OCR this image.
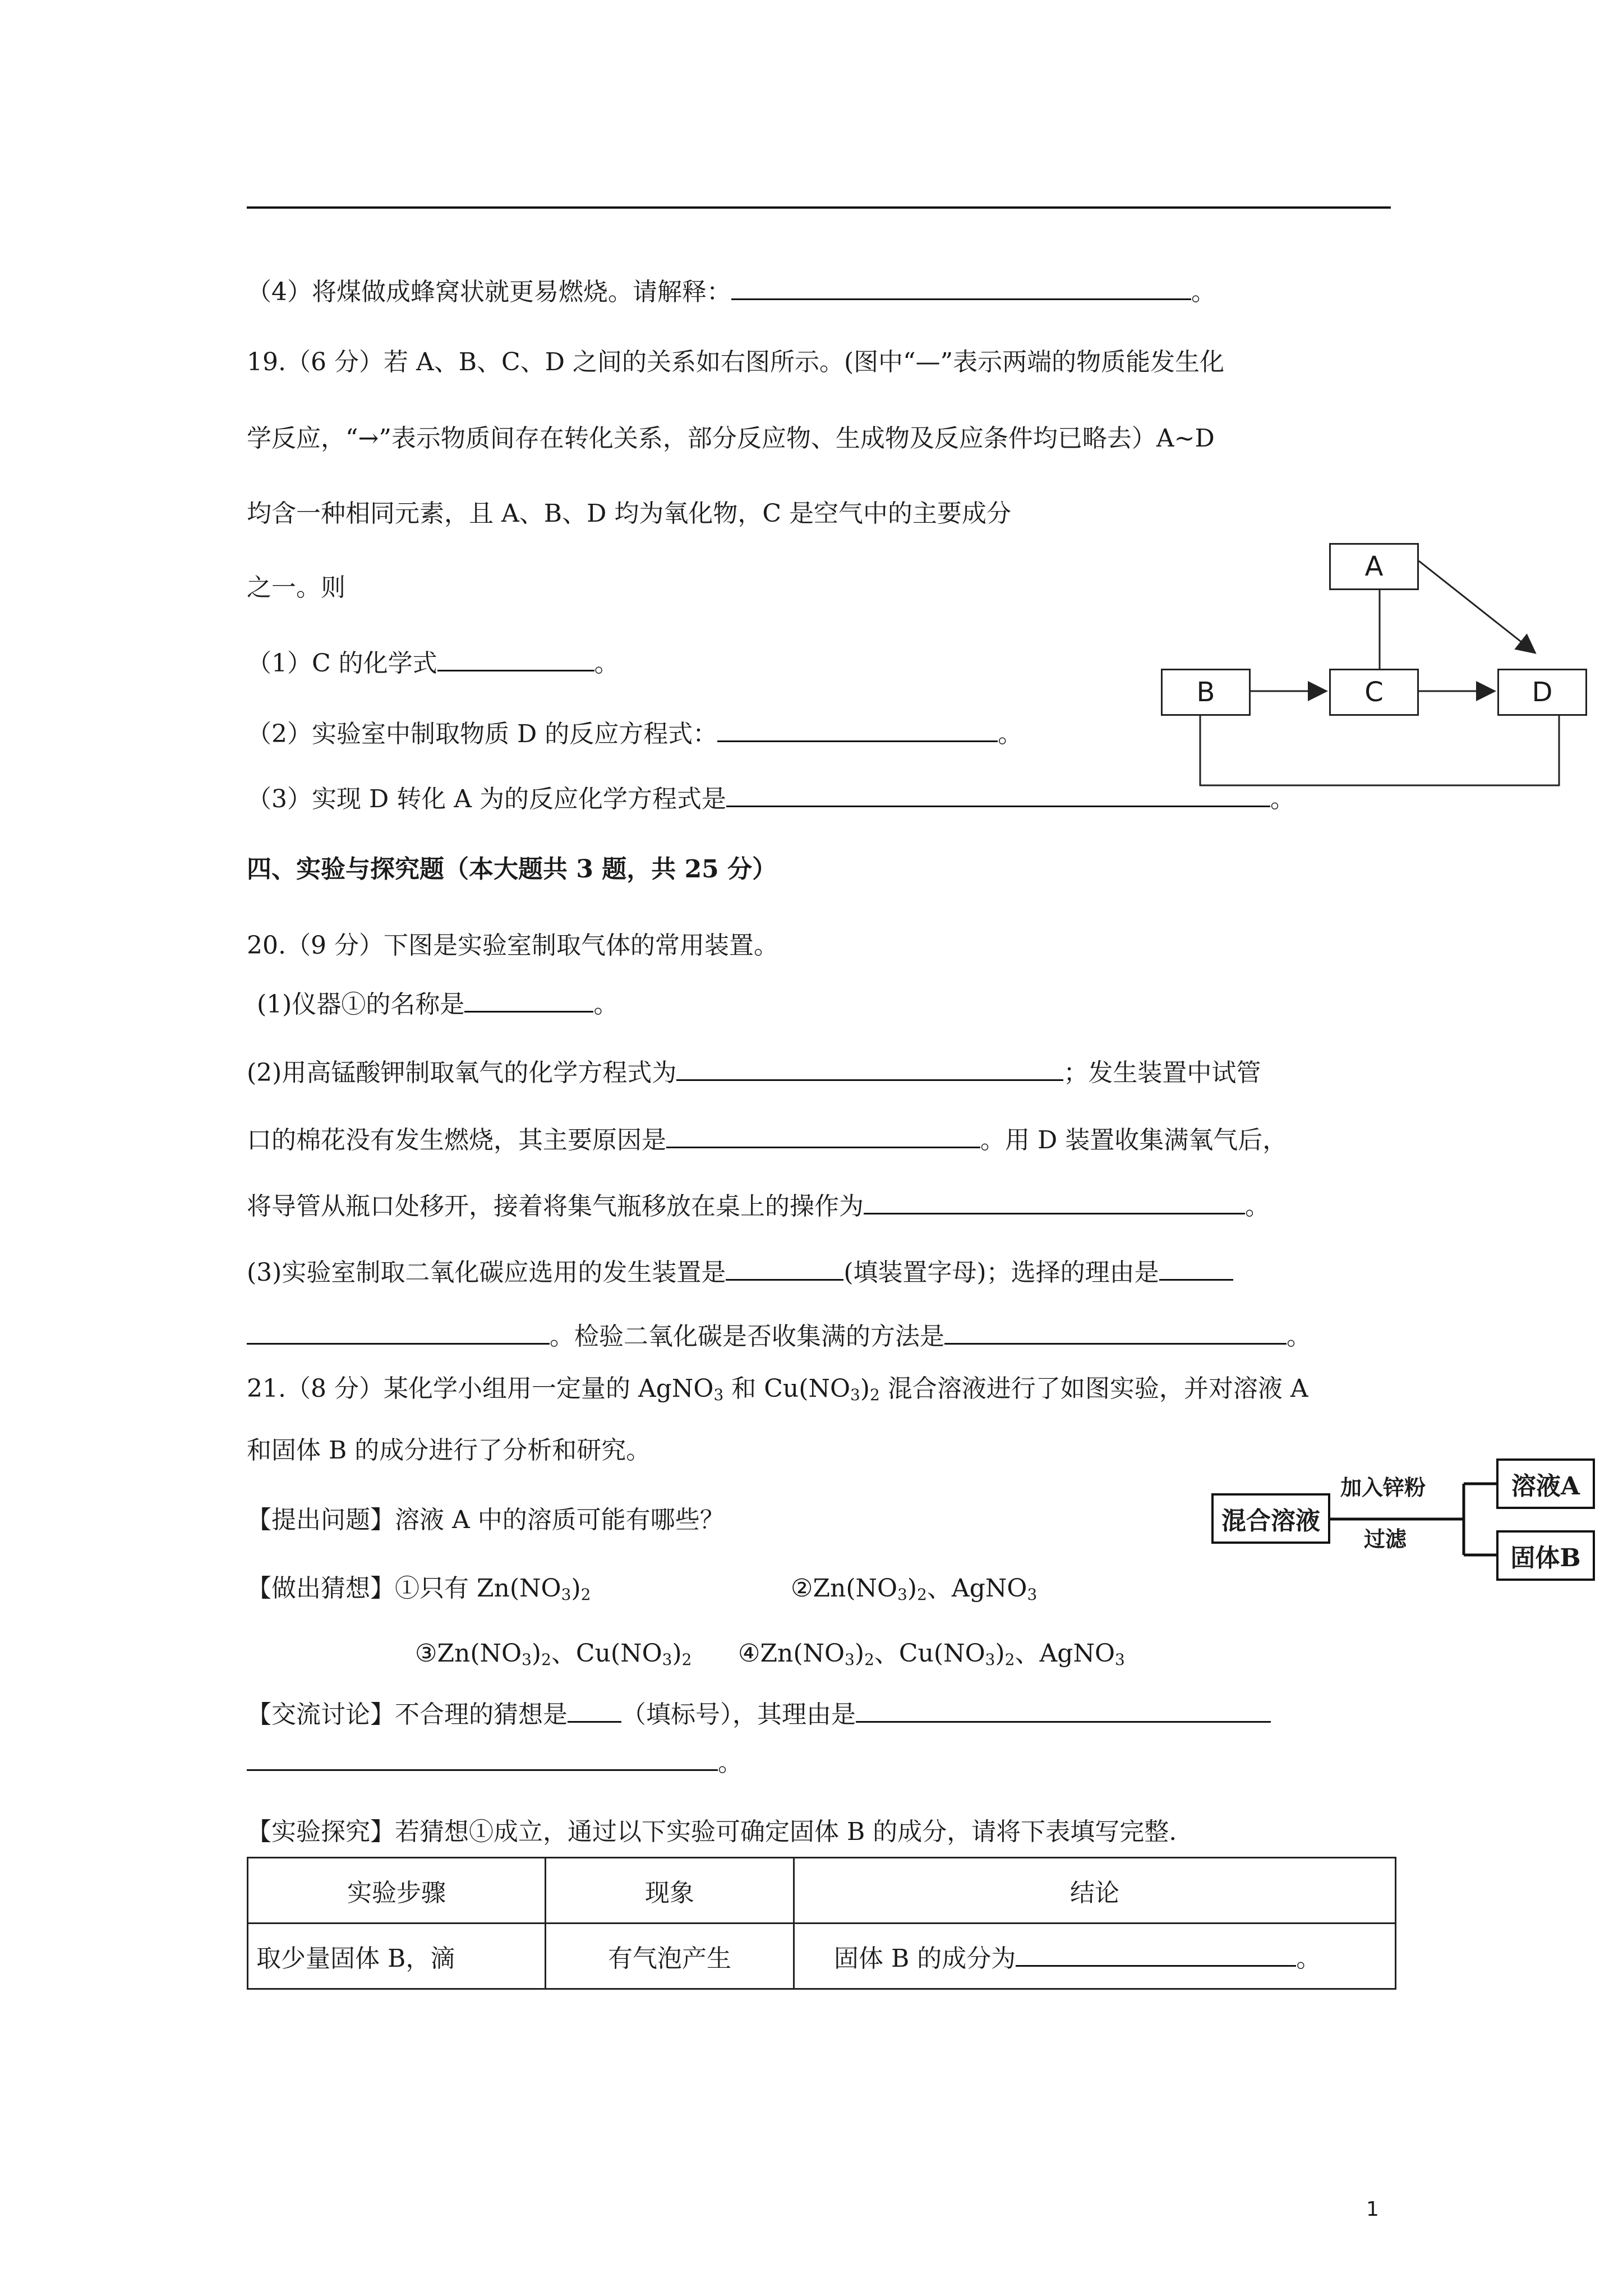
（4）将煤做成蜂窝状就更易燃烧。请解释：	。
19.（6 分）若 A、B、C、D 之间的关系如右图所示。(图中“—”表示两端的物质能发生化
学反应，“→”表示物质间存在转化关系，部分反应物、生成物及反应条件均已略去）A~D
均含一种相同元素，且 A、B、D 均为氧化物，C 是空气中的主要成分
之一。则
（1）C 的化学式	。
（2）实验室中制取物质 D 的反应方程式：	。
（3）实现 D 转化 A 为的反应化学方程式是	。
A
B	C	D
四、实验与探究题（本大题共 3 题，共 25 分）
20.（9 分）下图是实验室制取气体的常用装置。
(1)仪器①的名称是	。
(2)用高锰酸钾制取氧气的化学方程式为	；发生装置中试管
口的棉花没有发生燃烧，其主要原因是	。用 D 装置收集满氧气后，
将导管从瓶口处移开，接着将集气瓶移放在桌上的操作为	。
(3)实验室制取二氧化碳应选用的发生装置是	(填装置字母)；选择的理由是
。检验二氧化碳是否收集满的方法是	。
21.（8 分）某化学小组用一定量的 AgNO$_3$ 和 $Cu(NO_3)_2$ 混合溶液进行了如图实验，并对溶液 A
和固体 B 的成分进行了分析和研究。
【提出问题】溶液 A 中的溶质可能有哪些？
【做出猜想】①只有 $Zn(NO_3)_2$	$②Zn(NO_3)_2$、AgNO$_3$
$③Zn(NO_3)_2$、$Cu(NO_3)_2$ $④Zn(NO_3)_2$、$Cu(NO_3)_2$、AgNO$_3$
【交流讨论】不合理的猜想是 （填标号），其理由是
。
【实验探究】若猜想①成立，通过以下实验可确定固体 B 的成分，请将下表填写完整.
混合溶液
加入锌粉
过滤
溶液A
固体B
实验步骤	现象	结论
取少量固体 B，滴	有气泡产生	固体 B 的成分为 。
1
